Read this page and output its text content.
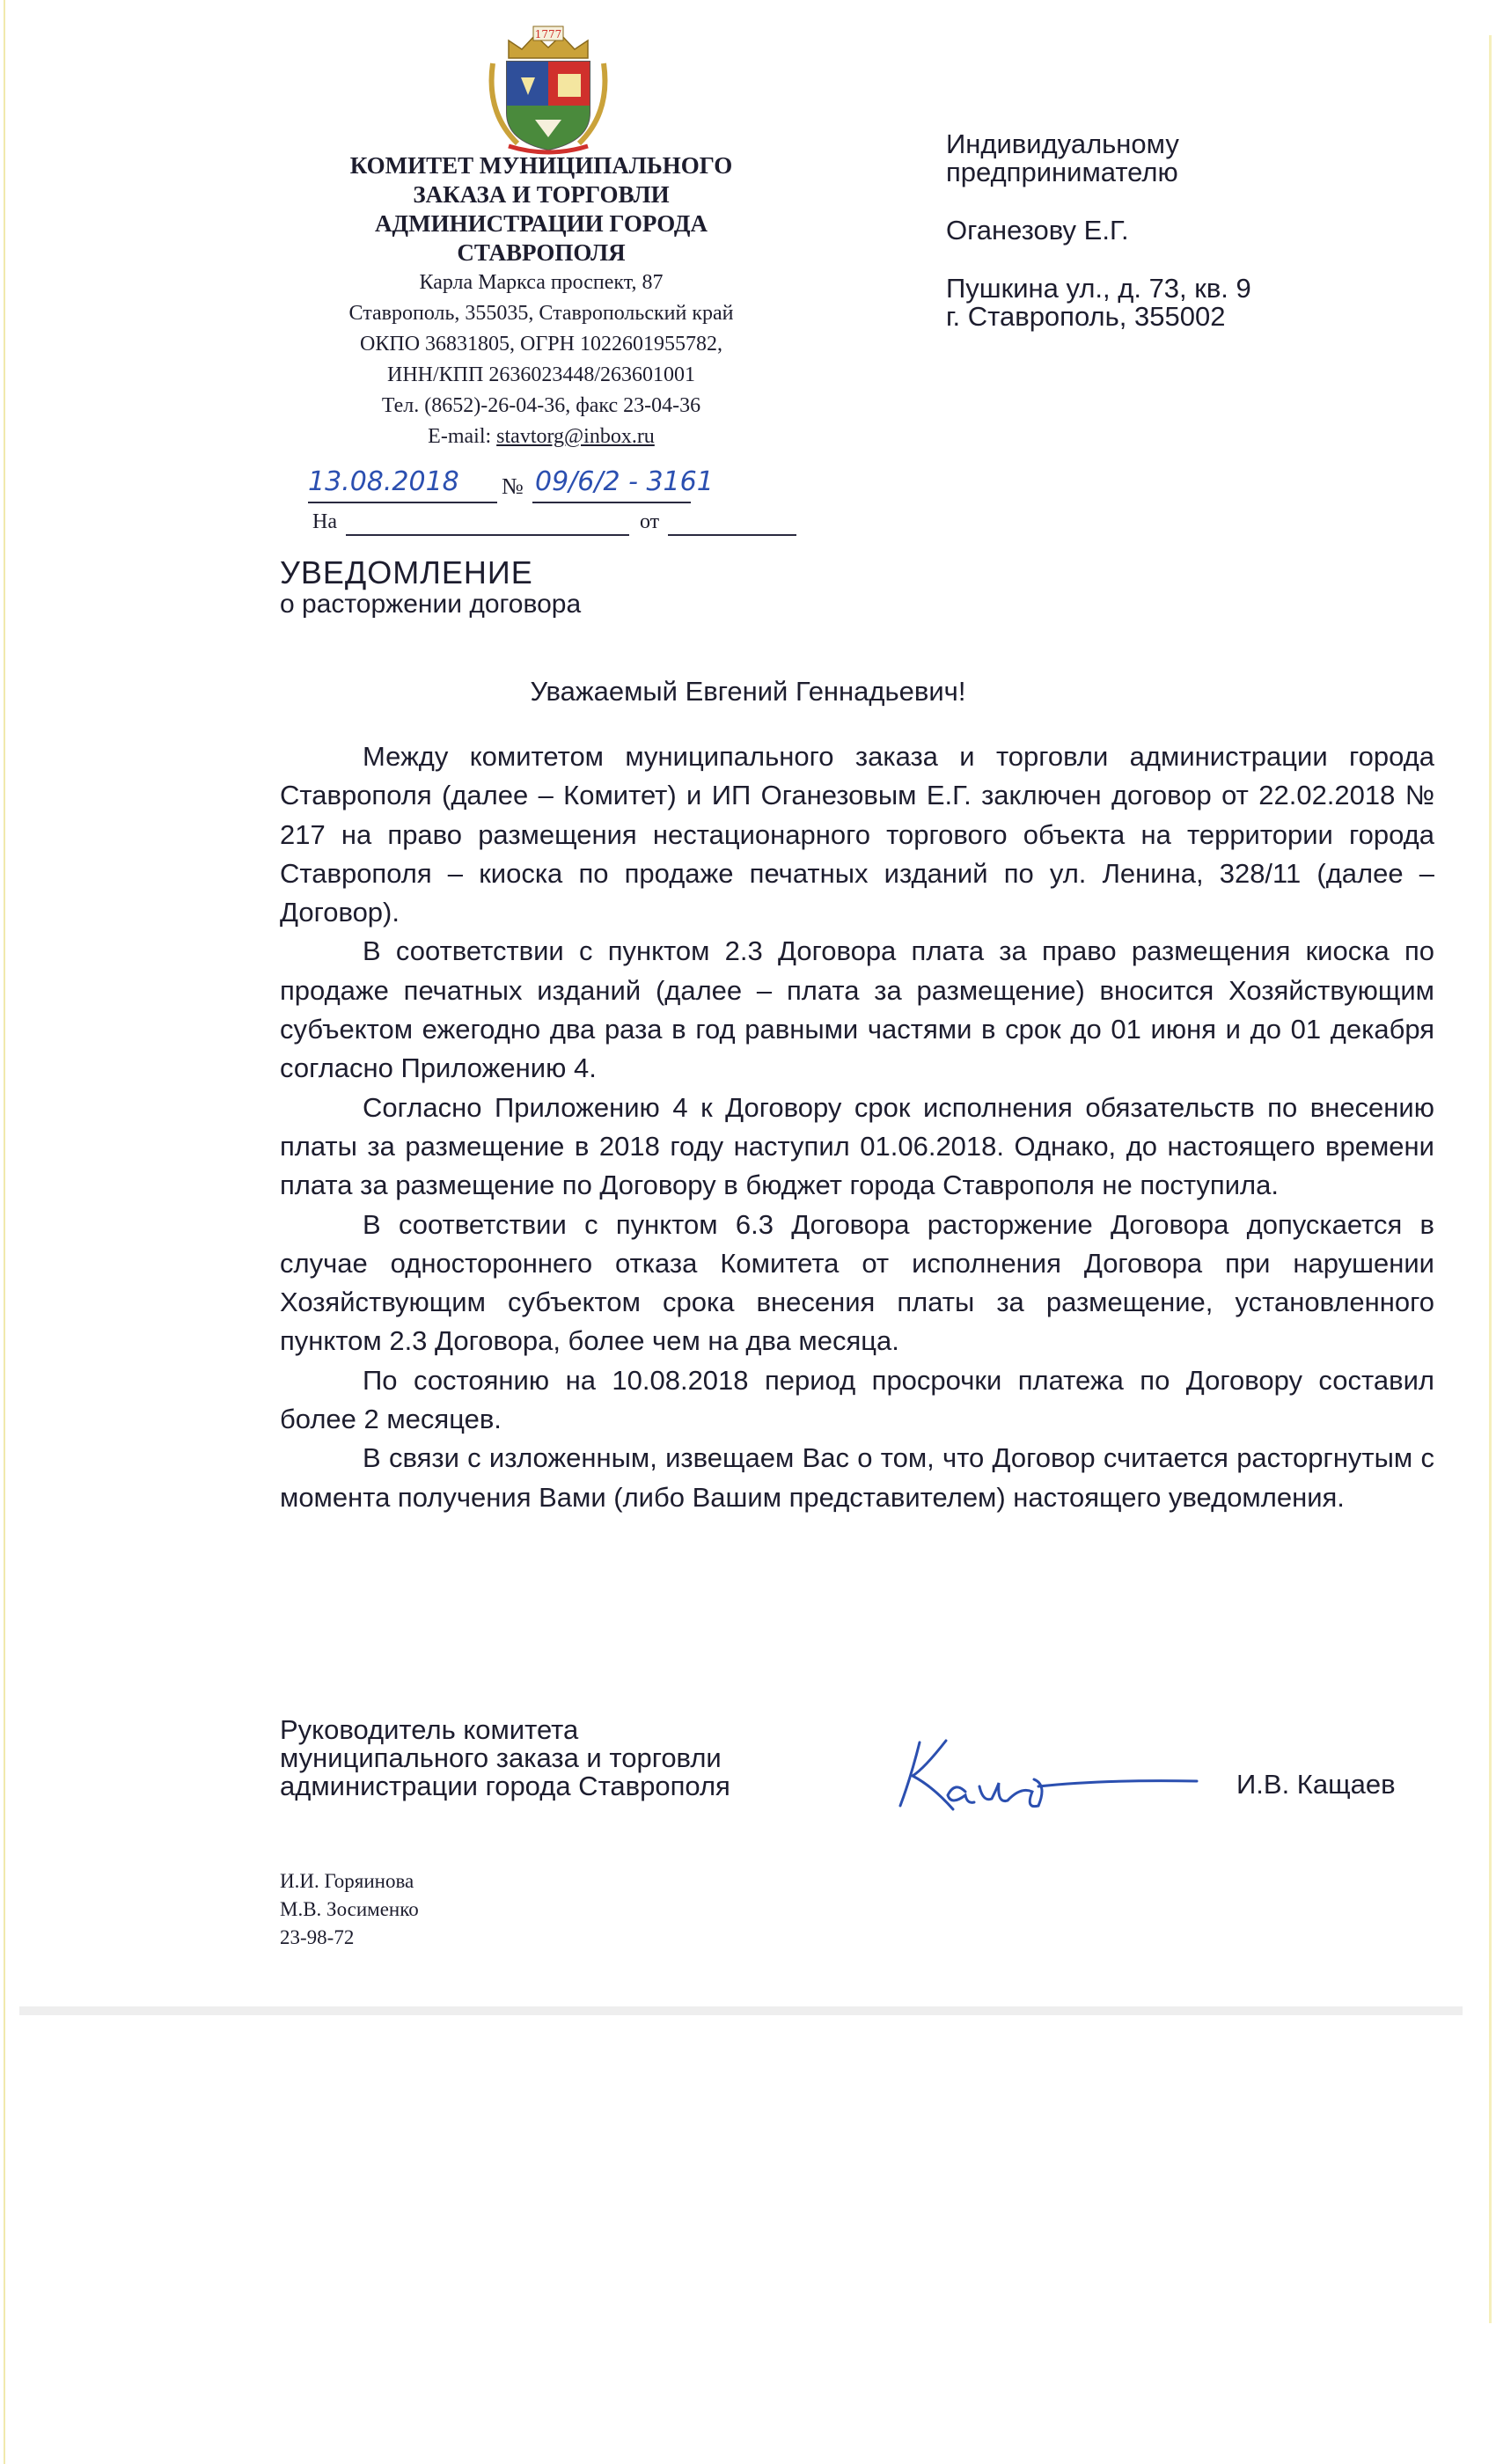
1777
КОМИТЕТ МУНИЦИПАЛЬНОГО
ЗАКАЗА И ТОРГОВЛИ
АДМИНИСТРАЦИИ ГОРОДА
СТАВРОПОЛЯ
Карла Маркса проспект, 87
Ставрополь, 355035, Ставропольский край
ОКПО 36831805, ОГРН 1022601955782,
ИНН/КПП 2636023448/263601001
Тел. (8652)-26-04-36, факс 23-04-36
E-mail: stavtorg@inbox.ru
13.08.2018 № 09/6/2 - 3161
На	от
Индивидуальному
предпринимателю
Оганезову Е.Г.
Пушкина ул., д. 73, кв. 9
г. Ставрополь, 355002
УВЕДОМЛЕНИЕ
о расторжении договора
Уважаемый Евгений Геннадьевич!

Между комитетом муниципального заказа и торговли администрации города Ставрополя (далее – Комитет) и ИП Оганезовым Е.Г. заключен договор от 22.02.2018 № 217 на право размещения нестационарного торгового объекта на территории города Ставрополя – киоска по продаже печатных изданий по ул. Ленина, 328/11 (далее – Договор).

В соответствии с пунктом 2.3 Договора плата за право размещения киоска по продаже печатных изданий (далее – плата за размещение) вносится Хозяйствующим субъектом ежегодно два раза в год равными частями в срок до 01 июня и до 01 декабря согласно Приложению 4.

Согласно Приложению 4 к Договору срок исполнения обязательств по внесению платы за размещение в 2018 году наступил 01.06.2018. Однако, до настоящего времени плата за размещение по Договору в бюджет города Ставрополя не поступила.

В соответствии с пунктом 6.3 Договора расторжение Договора допускается в случае одностороннего отказа Комитета от исполнения Договора при нарушении Хозяйствующим субъектом срока внесения платы за размещение, установленного пунктом 2.3 Договора, более чем на два месяца.

По состоянию на 10.08.2018 период просрочки платежа по Договору составил более 2 месяцев.

В связи с изложенным, извещаем Вас о том, что Договор считается расторгнутым с момента получения Вами (либо Вашим представителем) настоящего уведомления.

Руководитель комитета
муниципального заказа и торговли
администрации города Ставрополя	И.В. Кащаев
И.И. Горяинова
М.В. Зосименко
23-98-72
